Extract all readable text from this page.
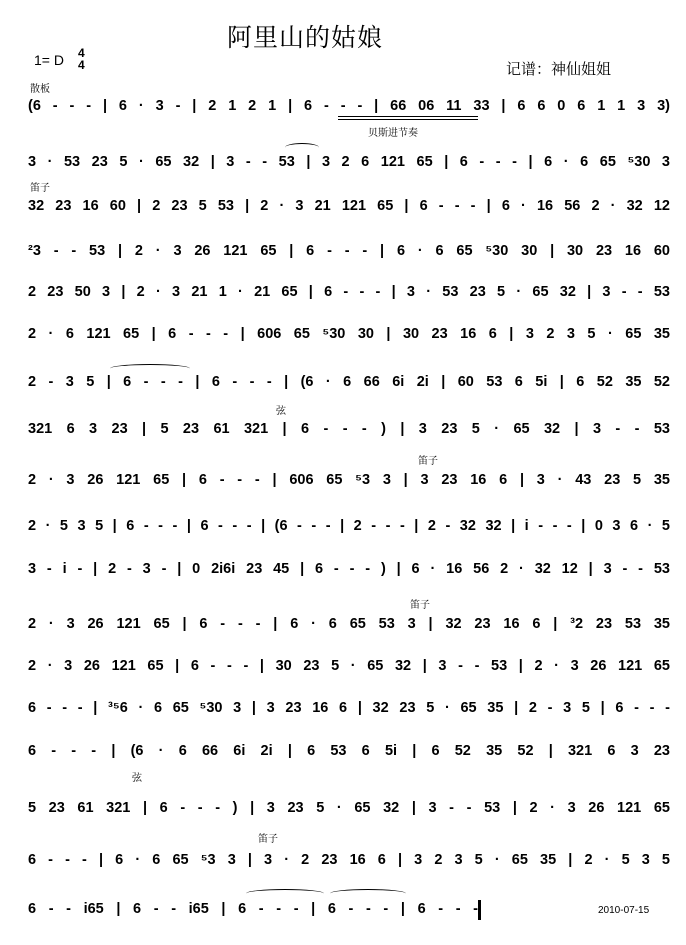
阿里山的姑娘
1= D 4
4	记谱：神仙姐姐
散板
(6 - - - | 6 · 3 - | 2 1 2 1 | 6 - - - | 66 06 11 33 | 6 6 0 6 1 1 3 3)
3 · 53 23 5 · 65 32 | 3 - - 53 | 3 2 6 121 65 | 6 - - - | 6 · 6 65 ⁵30 3
32 23 16 60 | 2 23 5 53 | 2 · 3 21 121 65 | 6 - - - | 6 · 16 56 2 · 32 12
²3 - - 53 | 2 · 3 26 121 65 | 6 - - - | 6 · 6 65 ⁵30 30 | 30 23 16 60
2 23 50 3 | 2 · 3 21 1 · 21 65 | 6 - - - | 3 · 53 23 5 · 65 32 | 3 - - 53
2 · 6 121 65 | 6 - - - | 606 65 ⁵30 30 | 30 23 16 6 | 3 2 3 5 · 65 35
2 - 3 5 | 6 - - - | 6 - - - | (6 · 6 66 6i 2i | 60 53 6 5i | 6 52 35 52
321 6 3 23 | 5 23 61 321 | 6 - - - ) | 3 23 5 · 65 32 | 3 - - 53
2 · 3 26 121 65 | 6 - - - | 606 65 ⁵3 3 | 3 23 16 6 | 3 · 43 23 5 35
2 · 5 3 5 | 6 - - - | 6 - - - | (6 - - - | 2 - - - | 2 - 32 32 | i - - - | 0 3 6 · 5
3 - i - | 2 - 3 - | 0 2i6i 23 45 | 6 - - - ) | 6 · 16 56 2 · 32 12 | 3 - - 53
2 · 3 26 121 65 | 6 - - - | 6 · 6 65 53 3 | 32 23 16 6 | ³2 23 53 35
2 · 3 26 121 65 | 6 - - - | 30 23 5 · 65 32 | 3 - - 53 | 2 · 3 26 121 65
6 - - - | ³⁵6 · 6 65 ⁵30 3 | 3 23 16 6 | 32 23 5 · 65 35 | 2 - 3 5 | 6 - - -
6 - - - | (6 · 6 66 6i 2i | 6 53 6 5i | 6 52 35 52 | 321 6 3 23
5 23 61 321 | 6 - - - ) | 3 23 5 · 65 32 | 3 - - 53 | 2 · 3 26 121 65
6 - - - | 6 · 6 65 ⁵3 3 | 3 · 2 23 16 6 | 3 2 3 5 · 65 35 | 2 · 5 3 5
6 - - i65 | 6 - - i65 | 6 - - - | 6 - - - | 6 - - -
贝斯进节奏
笛子
弦
笛子
笛子
弦
笛子
2010-07-15
